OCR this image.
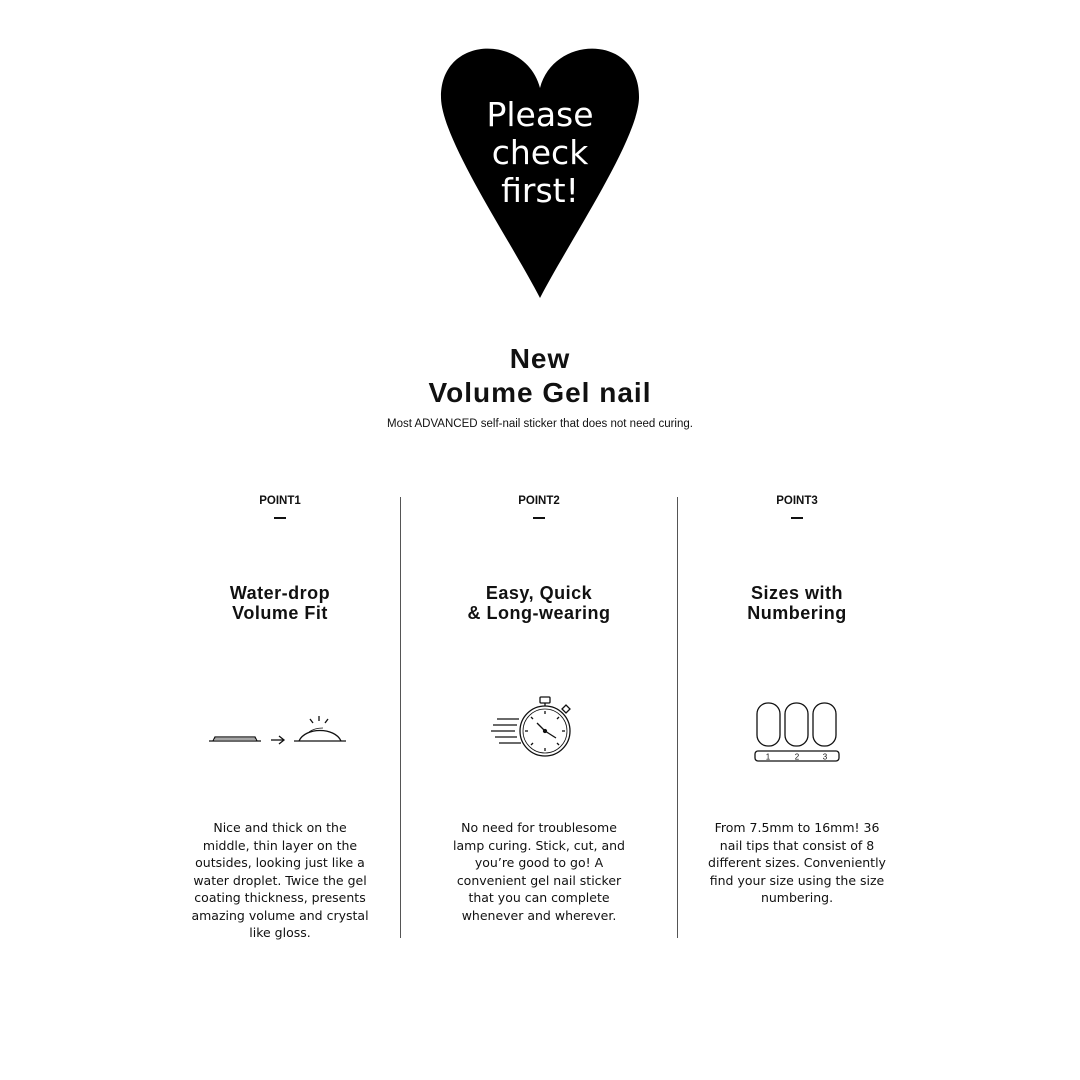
Please
check
first!
New
Volume Gel nail
Most ADVANCED self-nail sticker that does not need curing.
POINT1
Water-drop
Volume Fit
Nice and thick on the middle, thin layer on the outsides, looking just like a water droplet. Twice the gel coating thickness, presents amazing volume and crystal like gloss.
POINT2
Easy, Quick
& Long-wearing
No need for troublesome lamp curing. Stick, cut, and you’re good to go! A convenient gel nail sticker that you can complete whenever and wherever.
POINT3
Sizes with
Numbering
1	2	3
From 7.5mm to 16mm! 36 nail tips that consist of 8 different sizes. Conveniently find your size using the size numbering.
